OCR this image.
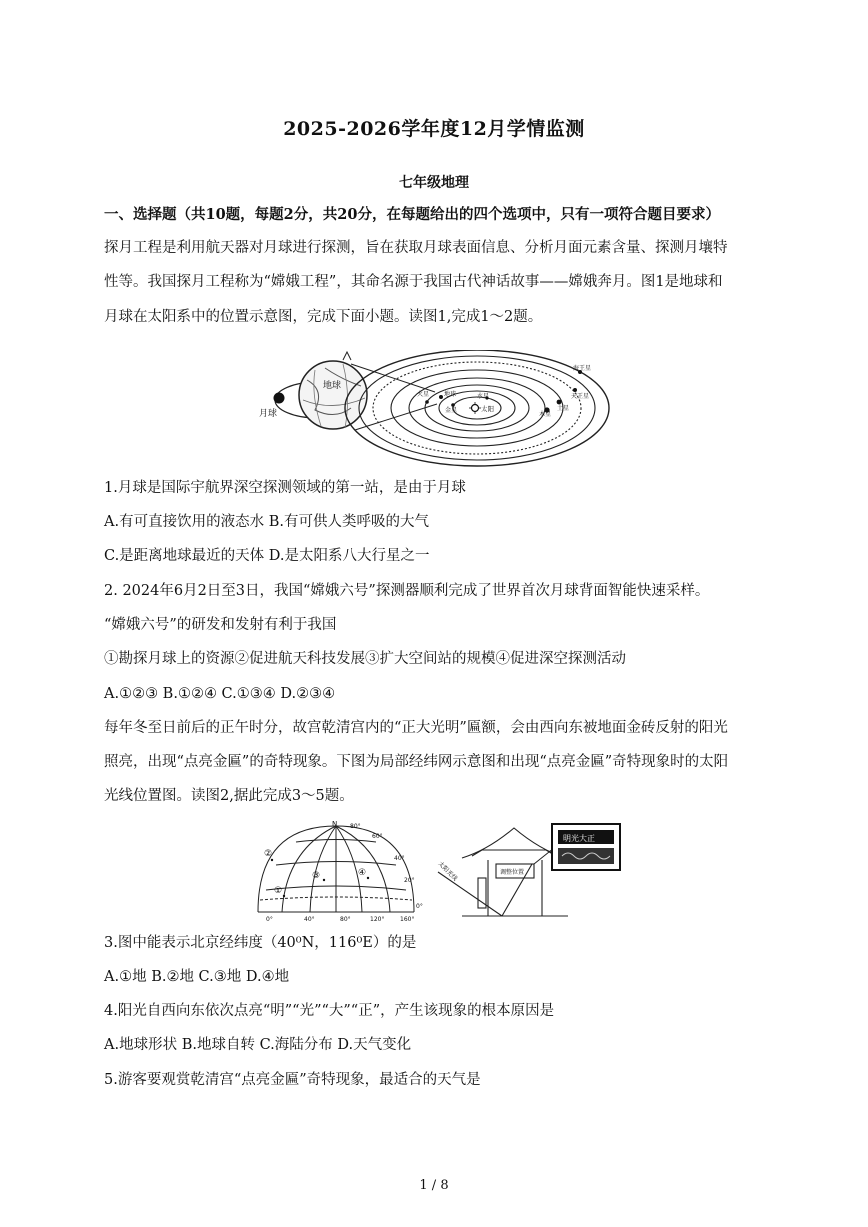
2025-2026学年度12月学情监测
七年级地理
一、选择题（共10题，每题2分，共20分，在每题给出的四个选项中，只有一项符合题目要求）
探月工程是利用航天器对月球进行探测，旨在获取月球表面信息、分析月面元素含量、探测月壤特
性等。我国探月工程称为“嫦娥工程”，其命名源于我国古代神话故事——嫦娥奔月。图1是地球和
月球在太阳系中的位置示意图，完成下面小题。读图1,完成1～2题。
地球
月球	太阳
水星
金星
地球
火星
木星
土星
天王星
海王星
1.月球是国际宇航界深空探测领域的第一站，是由于月球
A.有可直接饮用的液态水 B.有可供人类呼吸的大气
C.是距离地球最近的天体 D.是太阳系八大行星之一
2. 2024年6月2日至3日，我国“嫦娥六号”探测器顺利完成了世界首次月球背面智能快速采样。
“嫦娥六号”的研发和发射有利于我国
①勘探月球上的资源②促进航天科技发展③扩大空间站的规模④促进深空探测活动
A.①②③ B.①②④ C.①③④ D.②③④
每年冬至日前后的正午时分，故宫乾清宫内的“正大光明”匾额，会由西向东被地面金砖反射的阳光
照亮，出现“点亮金匾”的奇特现象。下图为局部经纬网示意图和出现“点亮金匾”奇特现象时的太阳
光线位置图。读图2,据此完成3～5题。
N 80°
60°
40°
20°
0°
0°	40°	80°	120°	160°
①
②
③	④	调整位置
太阳光线
明光大正
3.图中能表示北京经纬度（40⁰N，116⁰E）的是
A.①地 B.②地 C.③地 D.④地
4.阳光自西向东依次点亮“明”“光”“大”“正”，产生该现象的根本原因是
A.地球形状 B.地球自转 C.海陆分布 D.天气变化
5.游客要观赏乾清宫“点亮金匾”奇特现象，最适合的天气是
1 / 8
